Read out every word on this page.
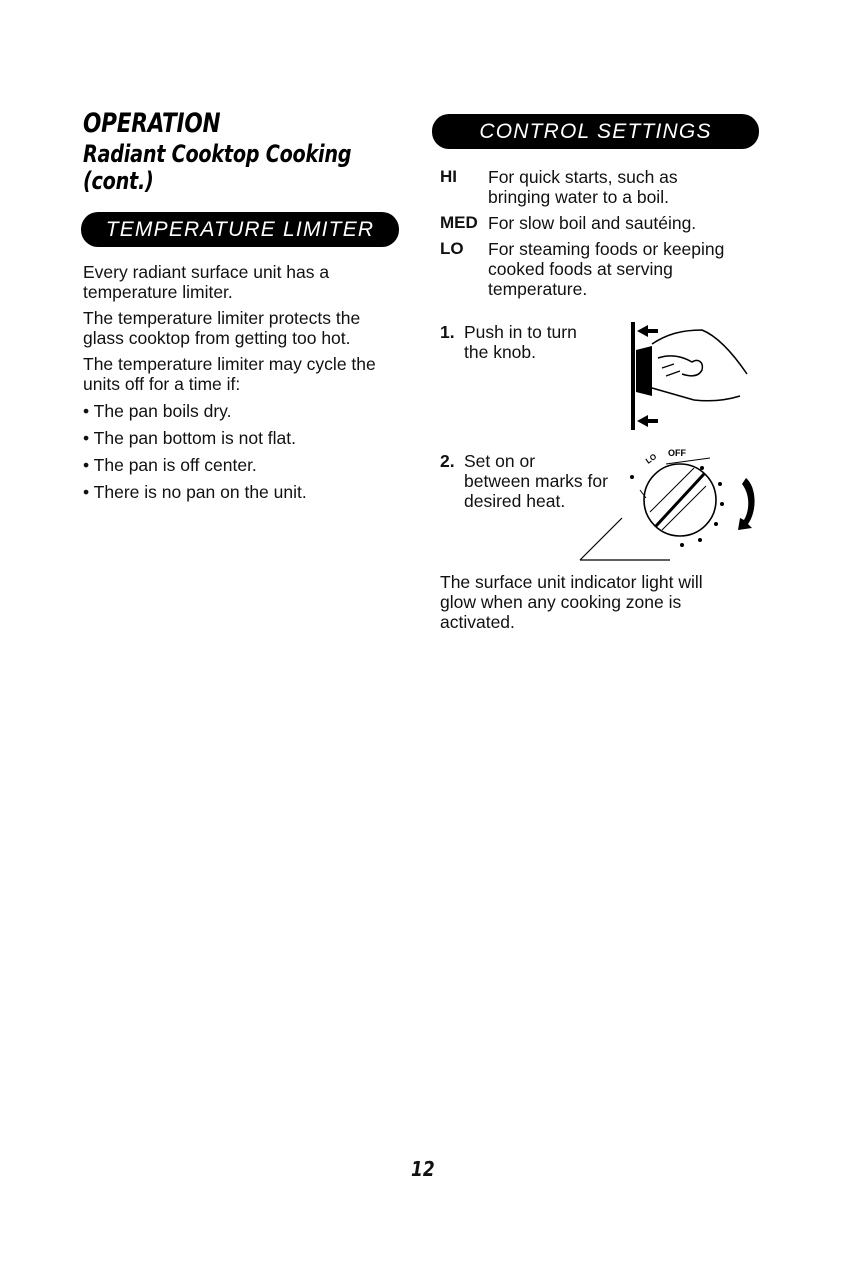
OPERATION
Radiant Cooktop Cooking
(cont.)
TEMPERATURE LIMITER

Every radiant surface unit has a
temperature limiter.

The temperature limiter protects the
glass cooktop from getting too hot.

The temperature limiter may cycle the
units off for a time if:

• The pan boils dry.

• The pan bottom is not flat.

• The pan is off center.

• There is no pan on the unit.

CONTROL SETTINGS
HI For quick starts, such as
bringing water to a boil.
MED For slow boil and sautéing.
LO For steaming foods or keeping
cooked foods at serving
temperature.
1. Push in to turn
the knob.
2. Set on or
between marks for
desired heat.
OFF
LO
The surface unit indicator light will
glow when any cooking zone is
activated.
12
